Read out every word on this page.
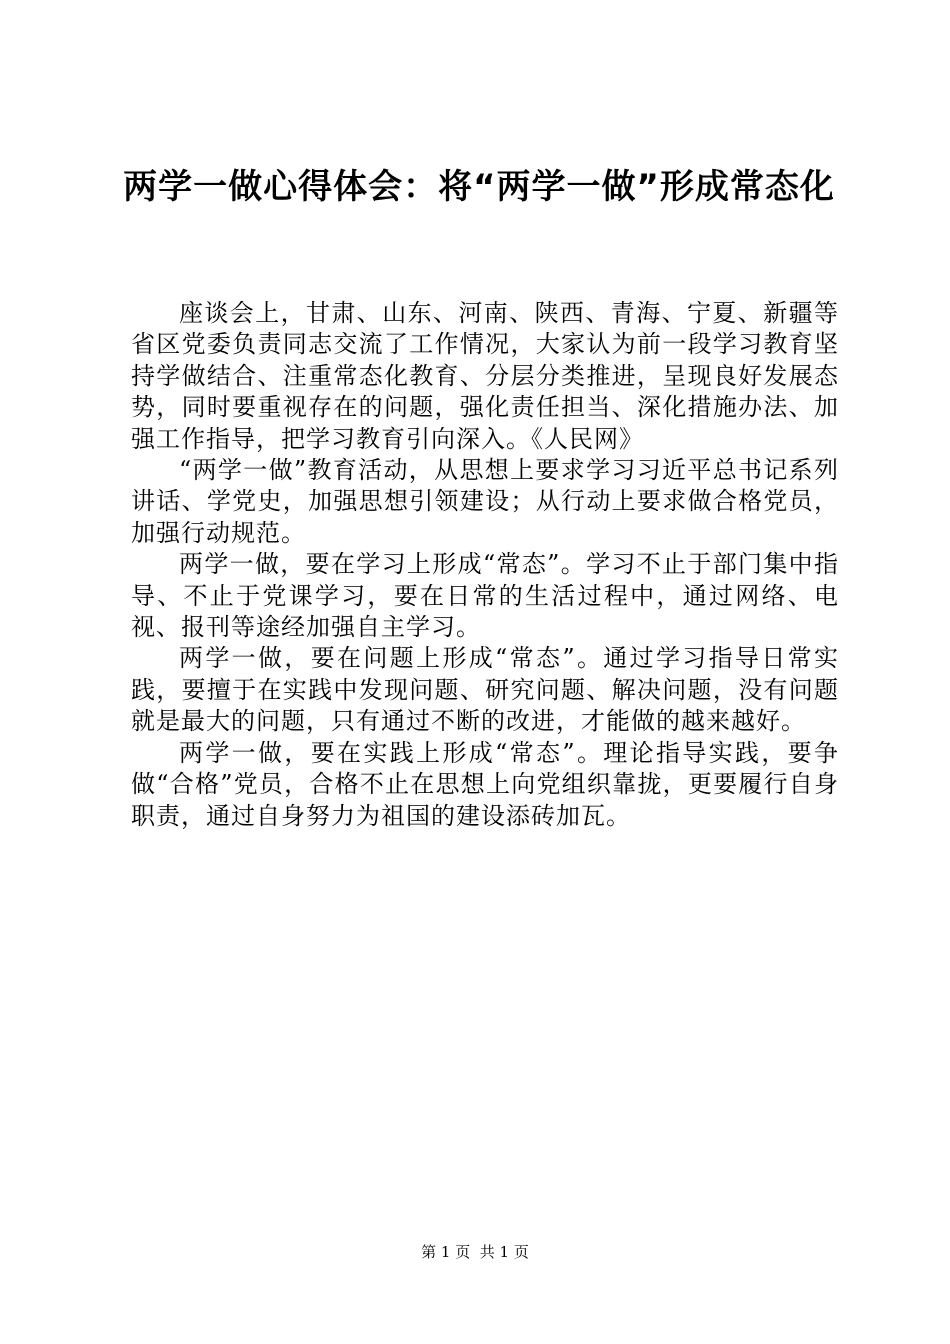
两学一做心得体会：将“两学一做”形成常态化

座谈会上，甘肃、山东、河南、陕西、青海、宁夏、新疆等省区党委负责同志交流了工作情况，大家认为前一段学习教育坚持学做结合、注重常态化教育、分层分类推进，呈现良好发展态势，同时要重视存在的问题，强化责任担当、深化措施办法、加强工作指导，把学习教育引向深入。《人民网》

“两学一做”教育活动，从思想上要求学习习近平总书记系列讲话、学党史，加强思想引领建设；从行动上要求做合格党员，加强行动规范。

两学一做，要在学习上形成“常态”。学习不止于部门集中指导、不止于党课学习，要在日常的生活过程中，通过网络、电视、报刊等途经加强自主学习。

两学一做，要在问题上形成“常态”。通过学习指导日常实践，要擅于在实践中发现问题、研究问题、解决问题，没有问题就是最大的问题，只有通过不断的改进，才能做的越来越好。

两学一做，要在实践上形成“常态”。理论指导实践，要争做“合格”党员，合格不止在思想上向党组织靠拢，更要履行自身职责，通过自身努力为祖国的建设添砖加瓦。

第 1 页 共 1 页
